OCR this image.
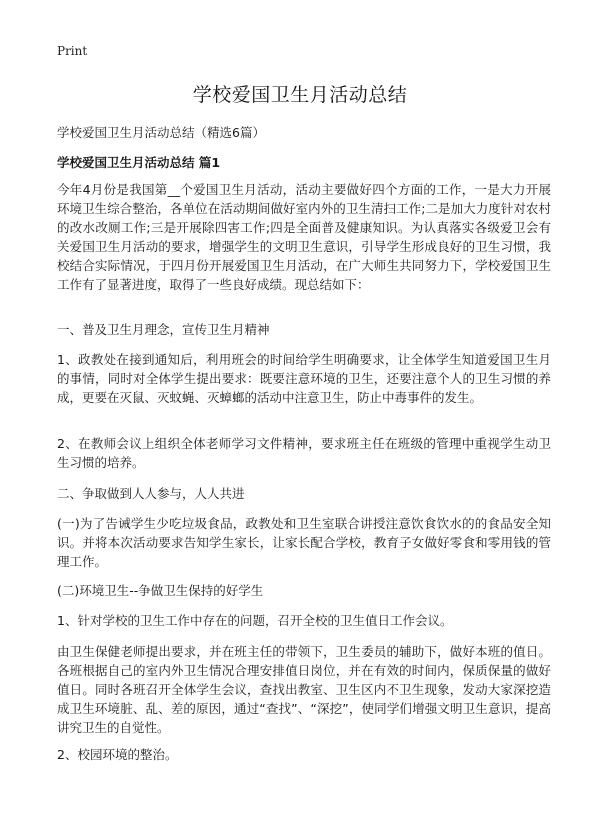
Print
学校爱国卫生月活动总结
学校爱国卫生月活动总结（精选6篇）
学校爱国卫生月活动总结 篇1
今年4月份是我国第__个爱国卫生月活动，活动主要做好四个方面的工作，一是大力开展环境卫生综合整治，各单位在活动期间做好室内外的卫生清扫工作;二是加大力度针对农村的改水改厕工作;三是开展除四害工作;四是全面普及健康知识。为认真落实各级爱卫会有关爱国卫生月活动的要求，增强学生的文明卫生意识，引导学生形成良好的卫生习惯，我校结合实际情况，于四月份开展爱国卫生月活动，在广大师生共同努力下，学校爱国卫生工作有了显著进度，取得了一些良好成绩。现总结如下：
一、普及卫生月理念，宣传卫生月精神
1、政教处在接到通知后，利用班会的时间给学生明确要求，让全体学生知道爱国卫生月的事情，同时对全体学生提出要求：既要注意环境的卫生，还要注意个人的卫生习惯的养成，更要在灭鼠、灭蚊蝇、灭蟑螂的活动中注意卫生，防止中毒事件的发生。
2、在教师会议上组织全体老师学习文件精神，要求班主任在班级的管理中重视学生动卫生习惯的培养。
二、争取做到人人参与，人人共进
(一)为了告诫学生少吃垃圾食品，政教处和卫生室联合讲授注意饮食饮水的的食品安全知识。并将本次活动要求告知学生家长，让家长配合学校，教育子女做好零食和零用钱的管理工作。
(二)环境卫生--争做卫生保持的好学生
1、针对学校的卫生工作中存在的问题，召开全校的卫生值日工作会议。
由卫生保健老师提出要求，并在班主任的带领下，卫生委员的辅助下，做好本班的值日。各班根据自己的室内外卫生情况合理安排值日岗位，并在有效的时间内，保质保量的做好值日。同时各班召开全体学生会议，查找出教室、卫生区内不卫生现象，发动大家深挖造成卫生环境脏、乱、差的原因，通过“查找”、“深挖”，使同学们增强文明卫生意识，提高讲究卫生的自觉性。
2、校园环境的整治。
